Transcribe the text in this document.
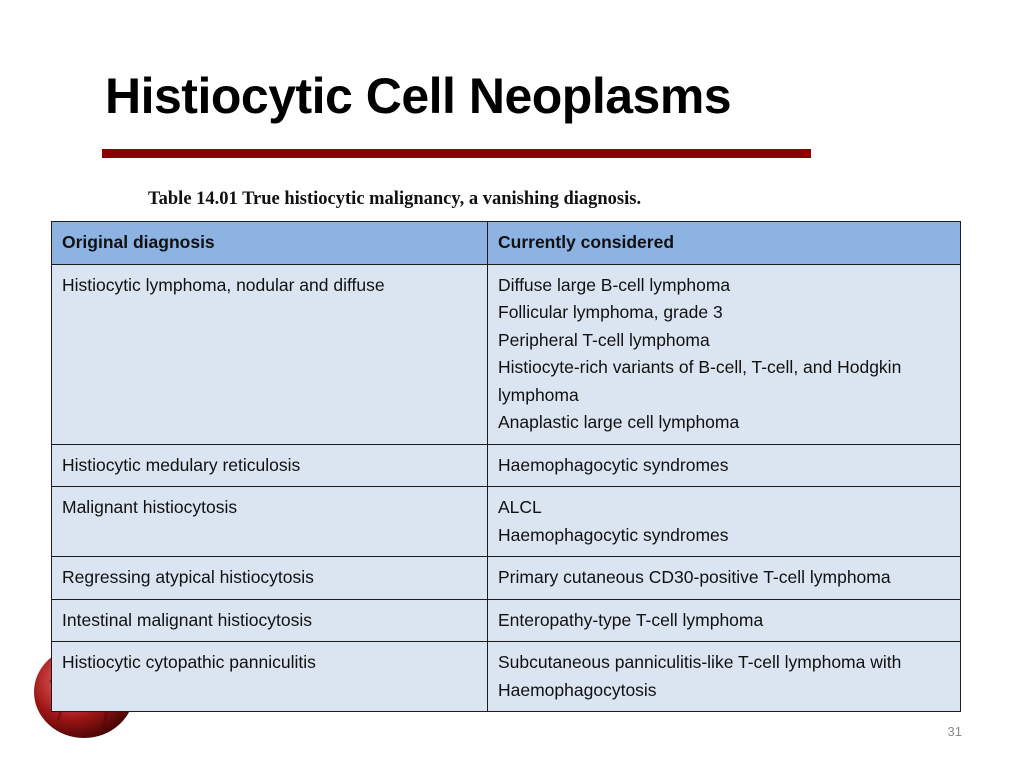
Histiocytic Cell Neoplasms
Table 14.01 True histiocytic malignancy, a vanishing diagnosis.
Original diagnosis	Currently considered
Histiocytic lymphoma, nodular and diffuse	Diffuse large B-cell lymphoma
Follicular lymphoma, grade 3
Peripheral T-cell lymphoma
Histiocyte-rich variants of B-cell, T-cell, and Hodgkin lymphoma
Anaplastic large cell lymphoma
Histiocytic medulary reticulosis	Haemophagocytic syndromes
Malignant histiocytosis	ALCL
Haemophagocytic syndromes
Regressing atypical histiocytosis	Primary cutaneous CD30-positive T-cell lymphoma
Intestinal malignant histiocytosis	Enteropathy-type T-cell lymphoma
Histiocytic cytopathic panniculitis	Subcutaneous panniculitis-like T-cell lymphoma with Haemophagocytosis
31
